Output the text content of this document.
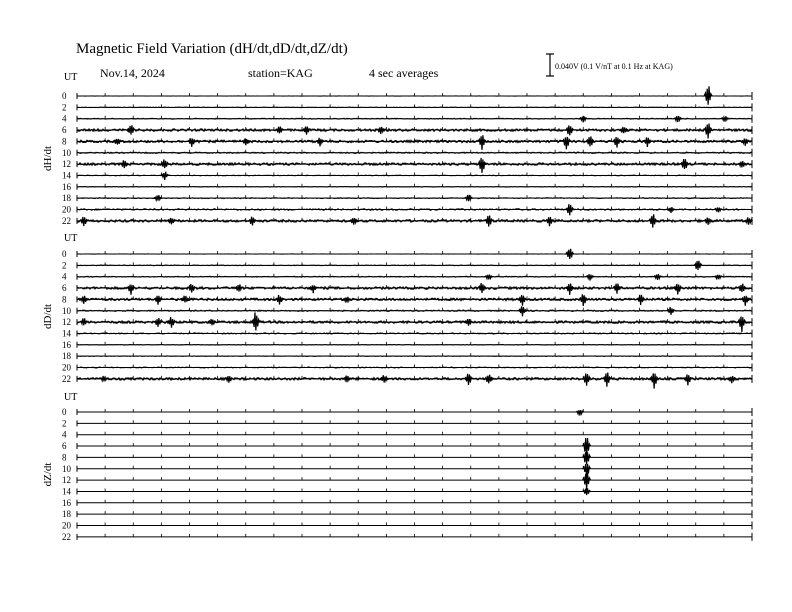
Magnetic Field Variation (dH/dt,dD/dt,dZ/dt)
Nov.14, 2024	station=KAG	4 sec averages	0.040V (0.1 V/nT at 0.1 Hz at KAG)
UT
dH/dt
0
2
4
6
8
10
12
14
16
18
20
22
UT
dD/dt
0
2
4
6
8
10
12
14
16
18
20
22
UT
dZ/dt
0
2
4
6
8
10
12
14
16
18
20
22
